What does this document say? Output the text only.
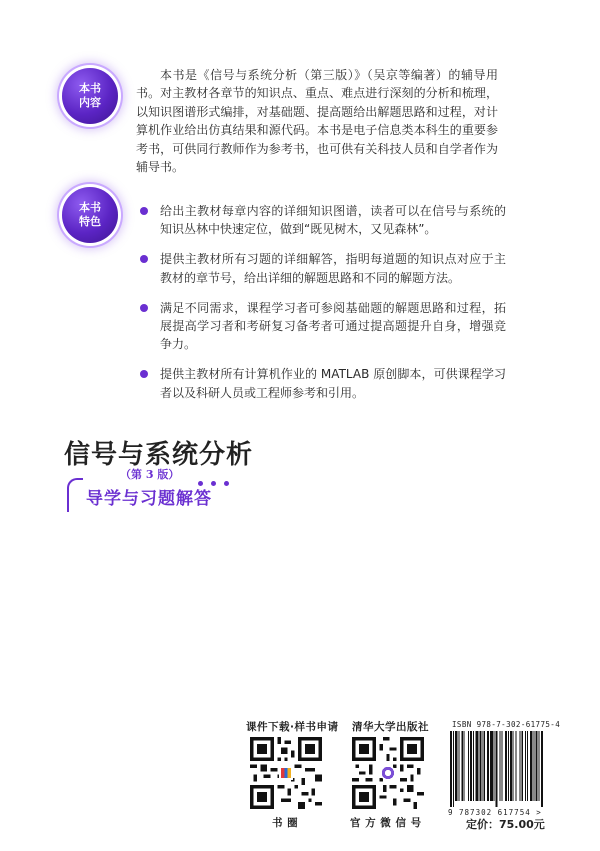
本书
内容
本书
特色

本书是《信号与系统分析（第三版）》（吴京等编著）的辅导用书。对主教材各章节的知识点、重点、难点进行深刻的分析和梳理，以知识图谱形式编排，对基础题、提高题给出解题思路和过程，对计算机作业给出仿真结果和源代码。本书是电子信息类本科生的重要参考书，可供同行教师作为参考书，也可供有关科技人员和自学者作为辅导书。

给出主教材每章内容的详细知识图谱，读者可以在信号与系统的知识丛林中快速定位，做到“既见树木，又见森林”。
提供主教材所有习题的详细解答，指明每道题的知识点对应于主教材的章节号，给出详细的解题思路和不同的解题方法。
满足不同需求，课程学习者可参阅基础题的解题思路和过程，拓展提高学习者和考研复习备考者可通过提高题提升自身，增强竞争力。
提供主教材所有计算机作业的 MATLAB 原创脚本，可供课程学习者以及科研人员或工程师参考和引用。
信号与系统分析
（第 3 版）
导学与习题解答
课件下载·样书申请
书 圈
清华大学出版社
官 方 微 信 号
ISBN 978-7-302-61775-4
9 787302 617754 >
定价：75.00元
